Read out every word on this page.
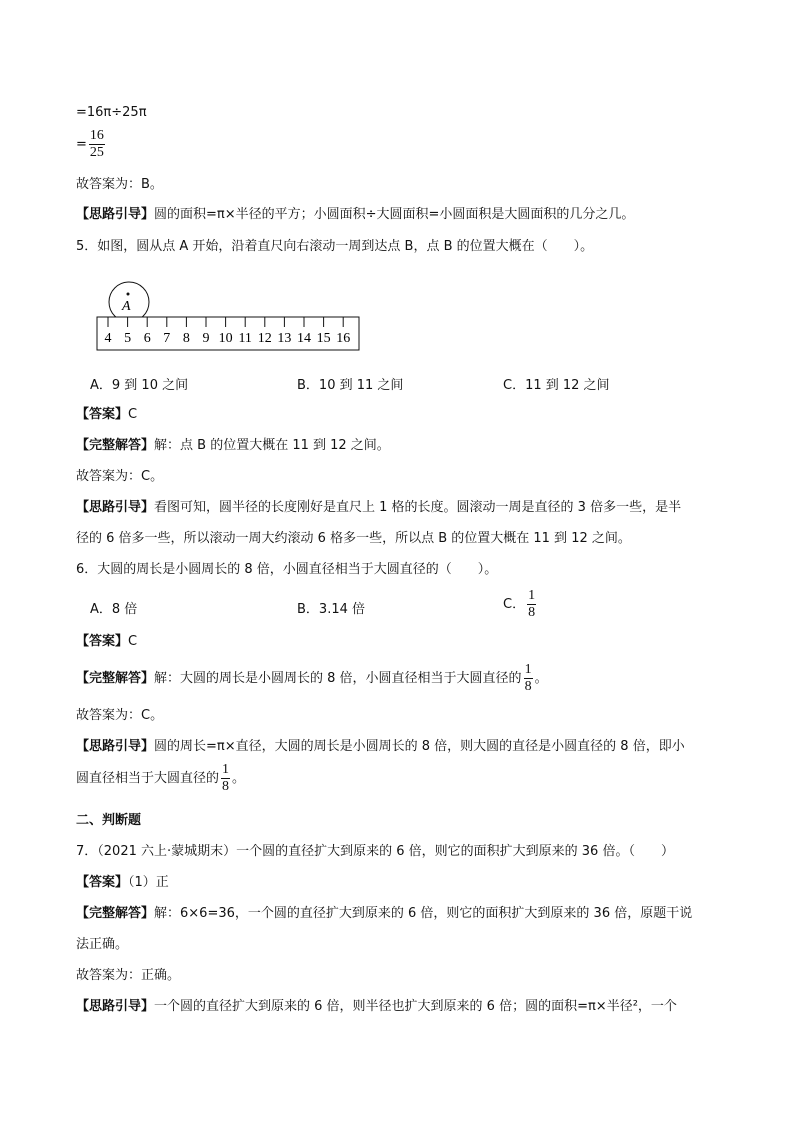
=16π÷25π
= $\frac{16}{25}$
故答案为：B。
【思路引导】圆的面积=π×半径的平方；小圆面积÷大圆面积=小圆面积是大圆面积的几分之几。
5．如图，圆从点 A 开始，沿着直尺向右滚动一周到达点 B，点 B 的位置大概在（　　）。
A
4 5 6 7 8 9 10 11 12 13 14 15 16
A．9 到 10 之间	B．10 到 11 之间	C．11 到 12 之间
【答案】C
【完整解答】解：点 B 的位置大概在 11 到 12 之间。
故答案为：C。
【思路引导】看图可知，圆半径的长度刚好是直尺上 1 格的长度。圆滚动一周是直径的 3 倍多一些，是半
径的 6 倍多一些，所以滚动一周大约滚动 6 格多一些，所以点 B 的位置大概在 11 到 12 之间。
6．大圆的周长是小圆周长的 8 倍，小圆直径相当于大圆直径的（　　）。
A．8 倍	B．3.14 倍	C． $\frac{1}{8}$
【答案】C
【完整解答】解：大圆的周长是小圆周长的 8 倍，小圆直径相当于大圆直径的 $\frac{1}{8}$ 。
故答案为：C。
【思路引导】圆的周长=π×直径，大圆的周长是小圆周长的 8 倍，则大圆的直径是小圆直径的 8 倍，即小
圆直径相当于大圆直径的 $\frac{1}{8}$ 。
二、判断题
7．（2021 六上·蒙城期末）一个圆的直径扩大到原来的 6 倍，则它的面积扩大到原来的 36 倍。（　　）
【答案】（1）正
【完整解答】解：6×6=36，一个圆的直径扩大到原来的 6 倍，则它的面积扩大到原来的 36 倍，原题干说
法正确。
故答案为：正确。
【思路引导】一个圆的直径扩大到原来的 6 倍，则半径也扩大到原来的 6 倍；圆的面积=π×半径²，一个
